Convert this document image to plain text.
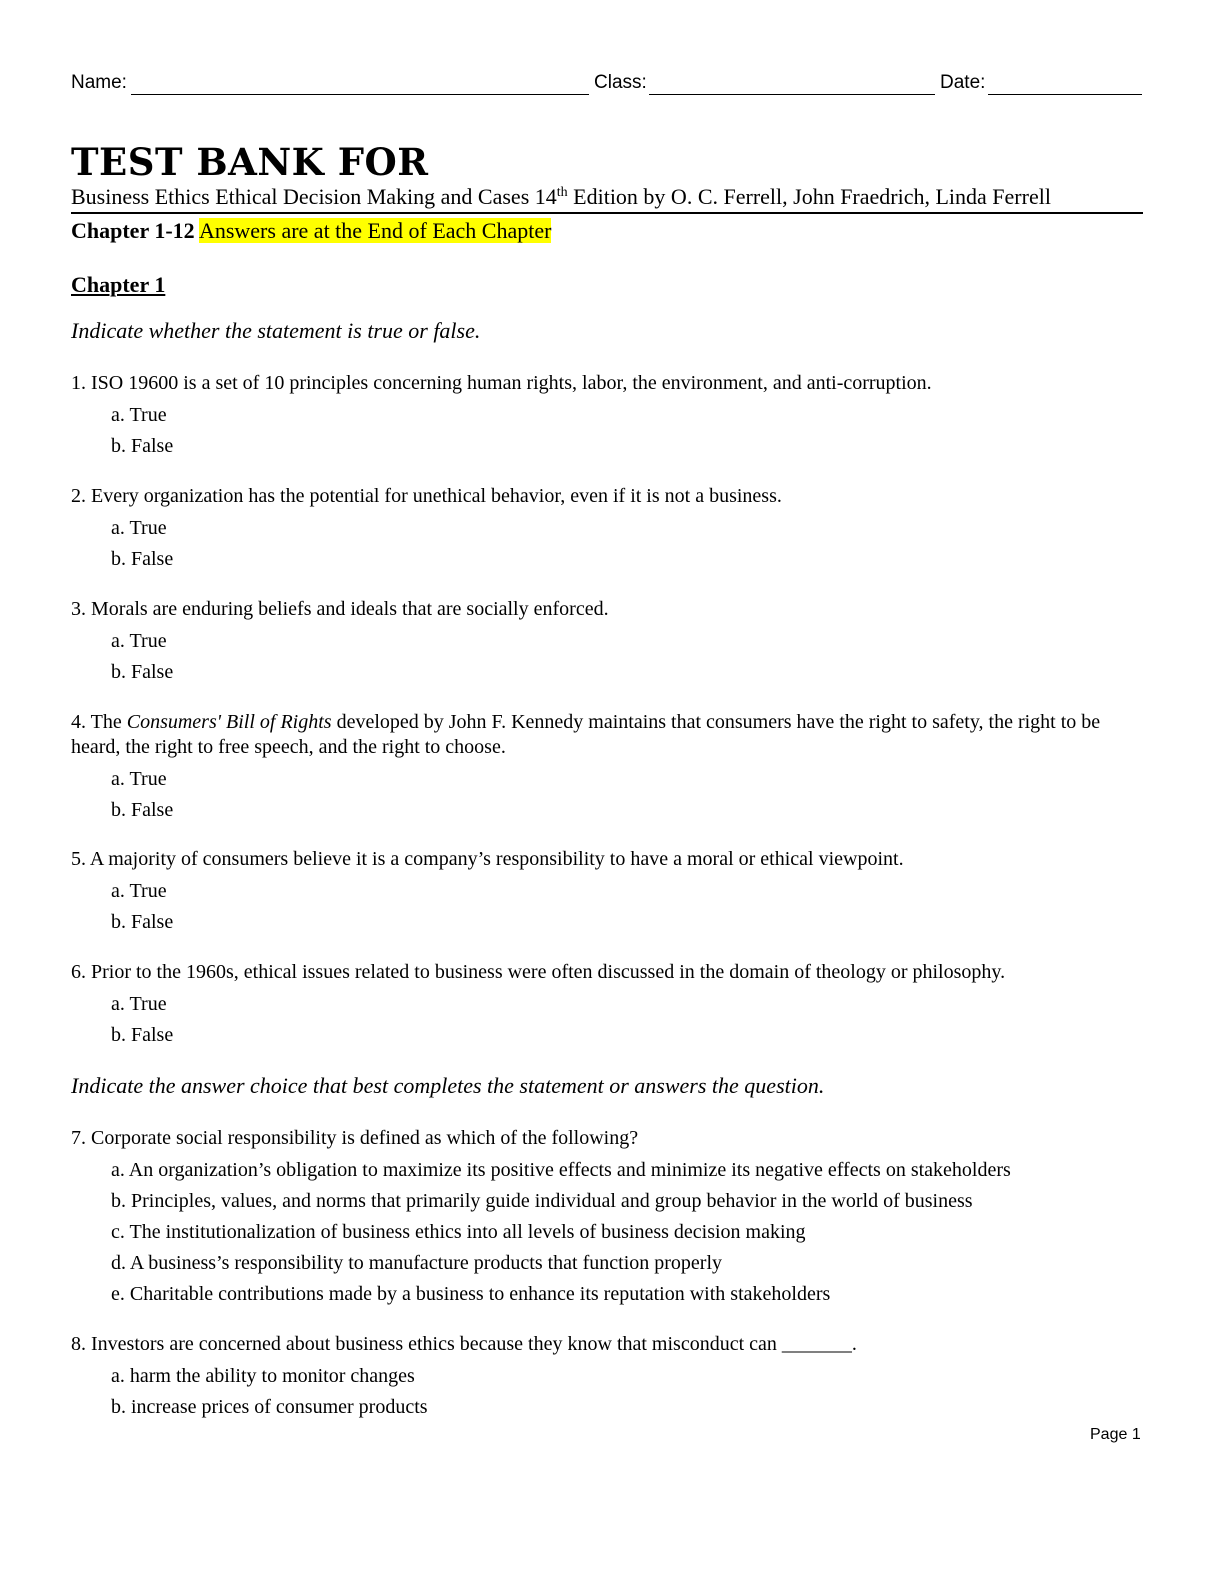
Name:	Class:	Date:
TEST BANK FOR
Business Ethics Ethical Decision Making and Cases 14th Edition by O. C. Ferrell, John Fraedrich, Linda Ferrell
Chapter 1-12 Answers are at the End of Each Chapter
Chapter 1
Indicate whether the statement is true or false.

1. ISO 19600 is a set of 10 principles concerning human rights, labor, the environment, and anti-corruption.

a. True
b. False

2. Every organization has the potential for unethical behavior, even if it is not a business.

a. True
b. False

3. Morals are enduring beliefs and ideals that are socially enforced.

a. True
b. False

4. The Consumers' Bill of Rights developed by John F. Kennedy maintains that consumers have the right to safety, the right to be heard, the right to free speech, and the right to choose.

a. True
b. False

5. A majority of consumers believe it is a company’s responsibility to have a moral or ethical viewpoint.

a. True
b. False

6. Prior to the 1960s, ethical issues related to business were often discussed in the domain of theology or philosophy.

a. True
b. False
Indicate the answer choice that best completes the statement or answers the question.

7. Corporate social responsibility is defined as which of the following?

a. An organization’s obligation to maximize its positive effects and minimize its negative effects on stakeholders
b. Principles, values, and norms that primarily guide individual and group behavior in the world of business
c. The institutionalization of business ethics into all levels of business decision making
d. A business’s responsibility to manufacture products that function properly
e. Charitable contributions made by a business to enhance its reputation with stakeholders

8. Investors are concerned about business ethics because they know that misconduct can _______.

a. harm the ability to monitor changes
b. increase prices of consumer products
Page 1
